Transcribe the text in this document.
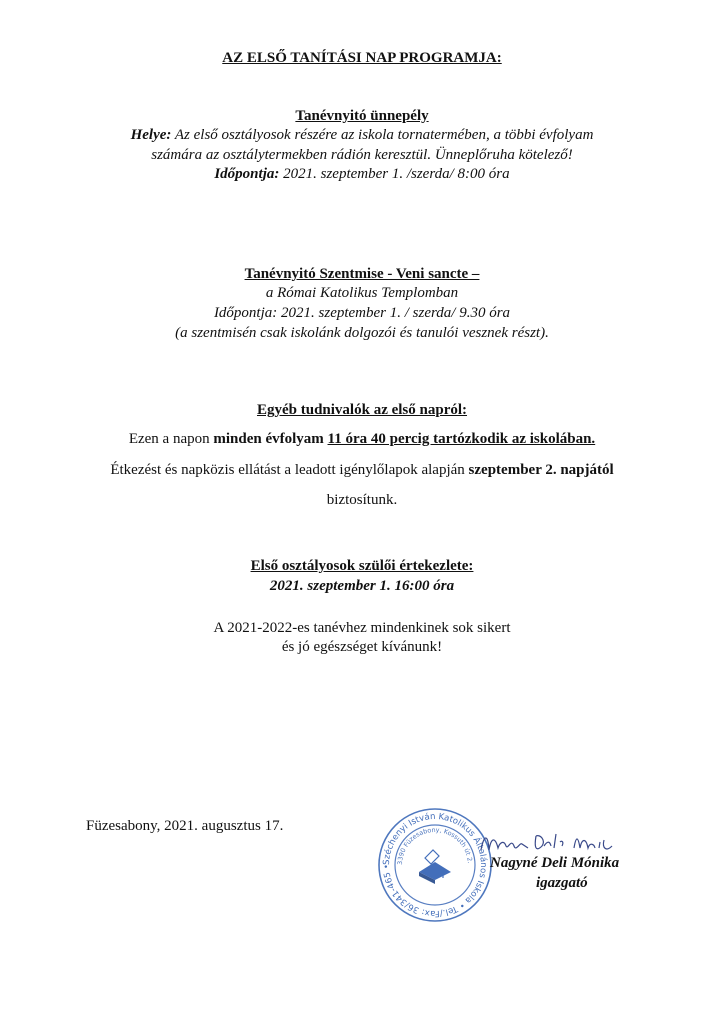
AZ ELSŐ TANÍTÁSI NAP PROGRAMJA:
Tanévnyitó ünnepély
Helye: Az első osztályosok részére az iskola tornatermében, a többi évfolyam
számára az osztálytermekben rádión keresztül. Ünneplőruha kötelező!
Időpontja: 2021. szeptember 1. /szerda/ 8:00 óra
Tanévnyitó Szentmise - Veni sancte –
a Római Katolikus Templomban
Időpontja: 2021. szeptember 1. / szerda/ 9.30 óra
(a szentmisén csak iskolánk dolgozói és tanulói vesznek részt).
Egyéb tudnivalók az első napról:
Ezen a napon minden évfolyam 11 óra 40 percig tartózkodik az iskolában.
Étkezést és napközis ellátást a leadott igénylőlapok alapján szeptember 2. napjától
biztosítunk.
Első osztályosok szülői értekezlete:
2021. szeptember 1. 16:00 óra
A 2021-2022-es tanévhez mindenkinek sok sikert
és jó egészséget kívánunk!
Füzesabony, 2021. augusztus 17.
Széchenyi István Katolikus Általános Iskola • Tel./Fax: 36/341-465 •
3390 Füzesabony, Kossuth út 2. Nagyné Deli Mónika
igazgató
